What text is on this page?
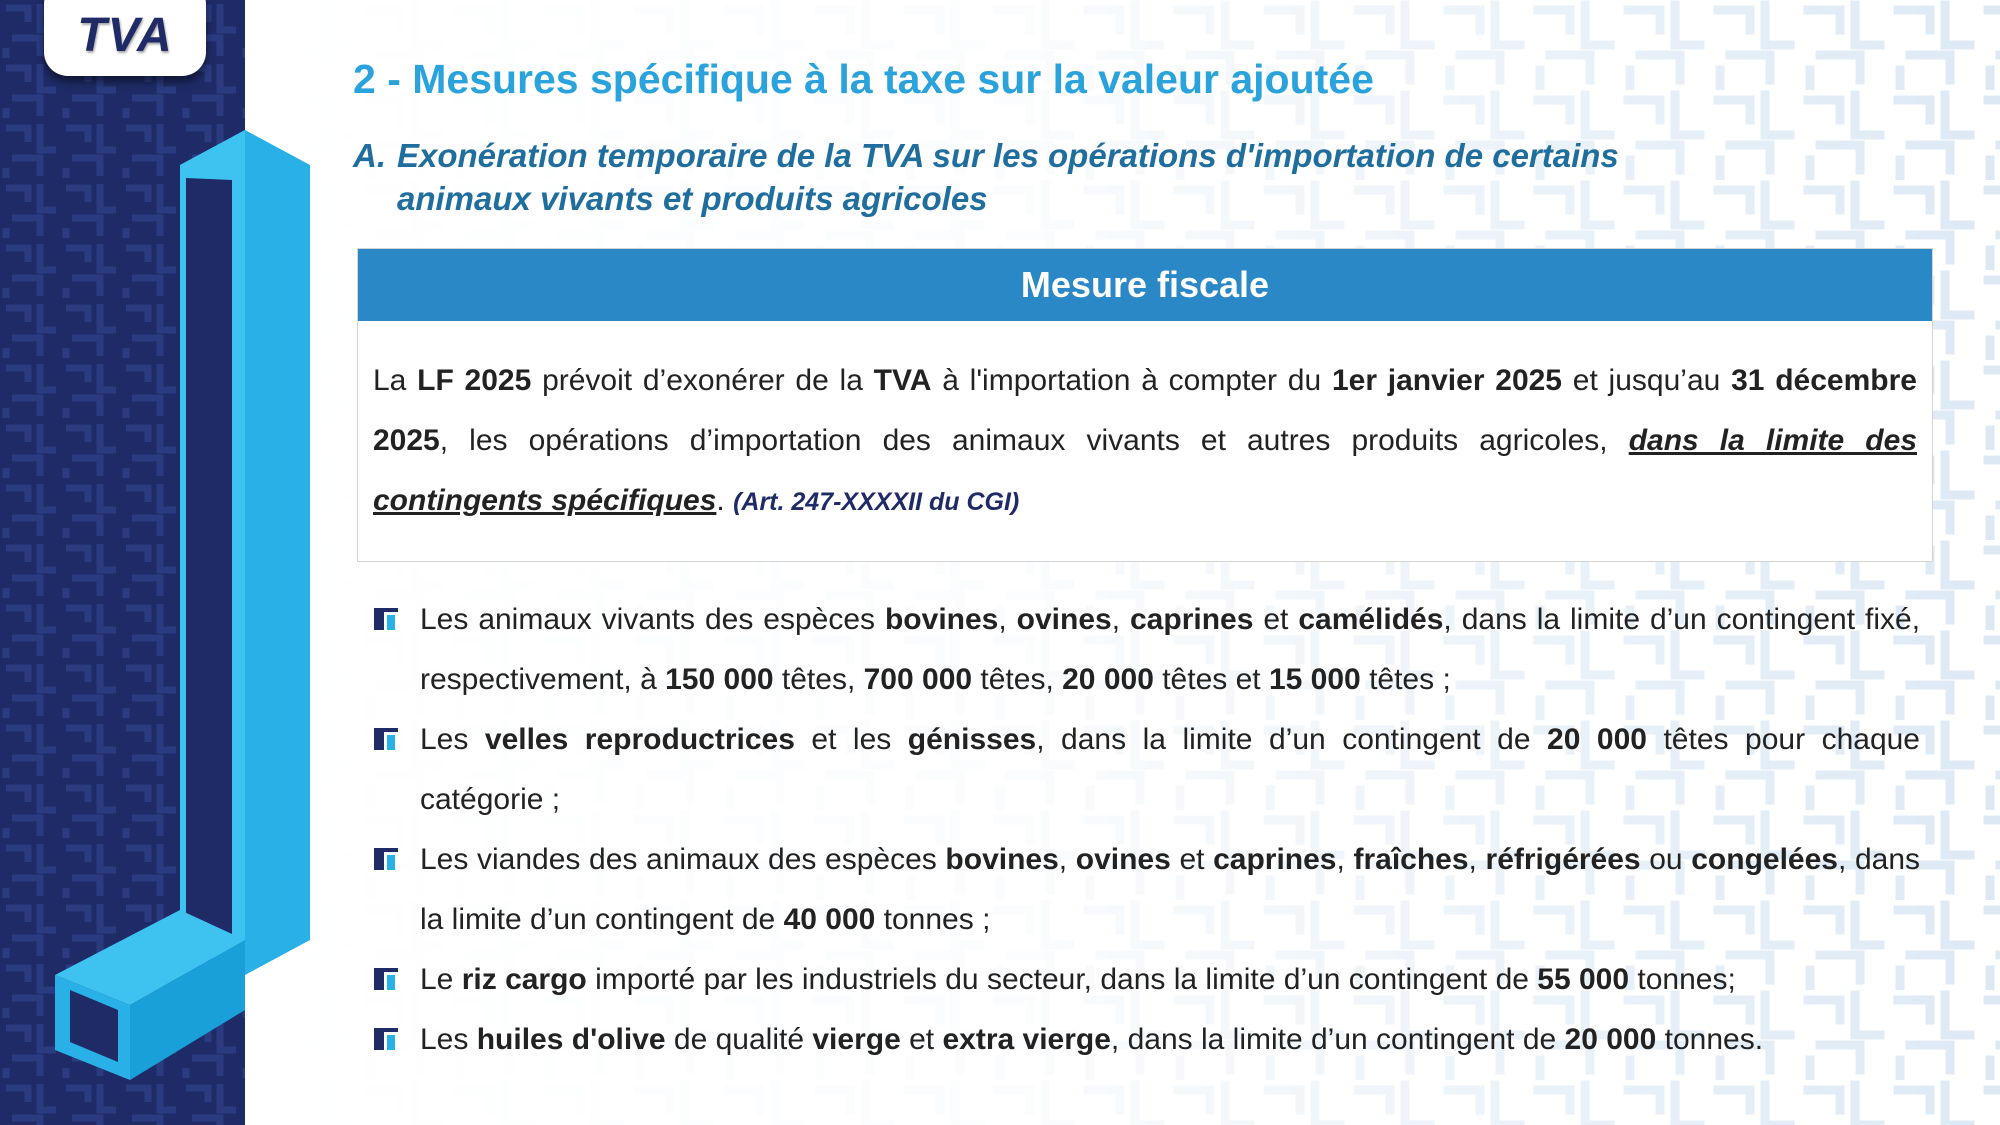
TVA
2 - Mesures spécifique à la taxe sur la valeur ajoutée
A. Exonération temporaire de la TVA sur les opérations d'importation de certains animaux vivants et produits agricoles
Mesure fiscale
La LF 2025 prévoit d’exonérer de la TVA à l'importation à compter du 1er janvier 2025 et jusqu’au 31 décembre 2025, les opérations d’importation des animaux vivants et autres produits agricoles, dans la limite des contingents spécifiques. (Art. 247-XXXXII du CGI)
Les animaux vivants des espèces bovines, ovines, caprines et camélidés, dans la limite d’un contingent fixé, respectivement, à 150 000 têtes, 700 000 têtes, 20 000 têtes et 15 000 têtes ;
Les velles reproductrices et les génisses, dans la limite d’un contingent de 20 000 têtes pour chaque catégorie ;
Les viandes des animaux des espèces bovines, ovines et caprines, fraîches, réfrigérées ou congelées, dans la limite d’un contingent de 40 000 tonnes ;
Le riz cargo importé par les industriels du secteur, dans la limite d’un contingent de 55 000 tonnes;
Les huiles d'olive de qualité vierge et extra vierge, dans la limite d’un contingent de 20 000 tonnes.
